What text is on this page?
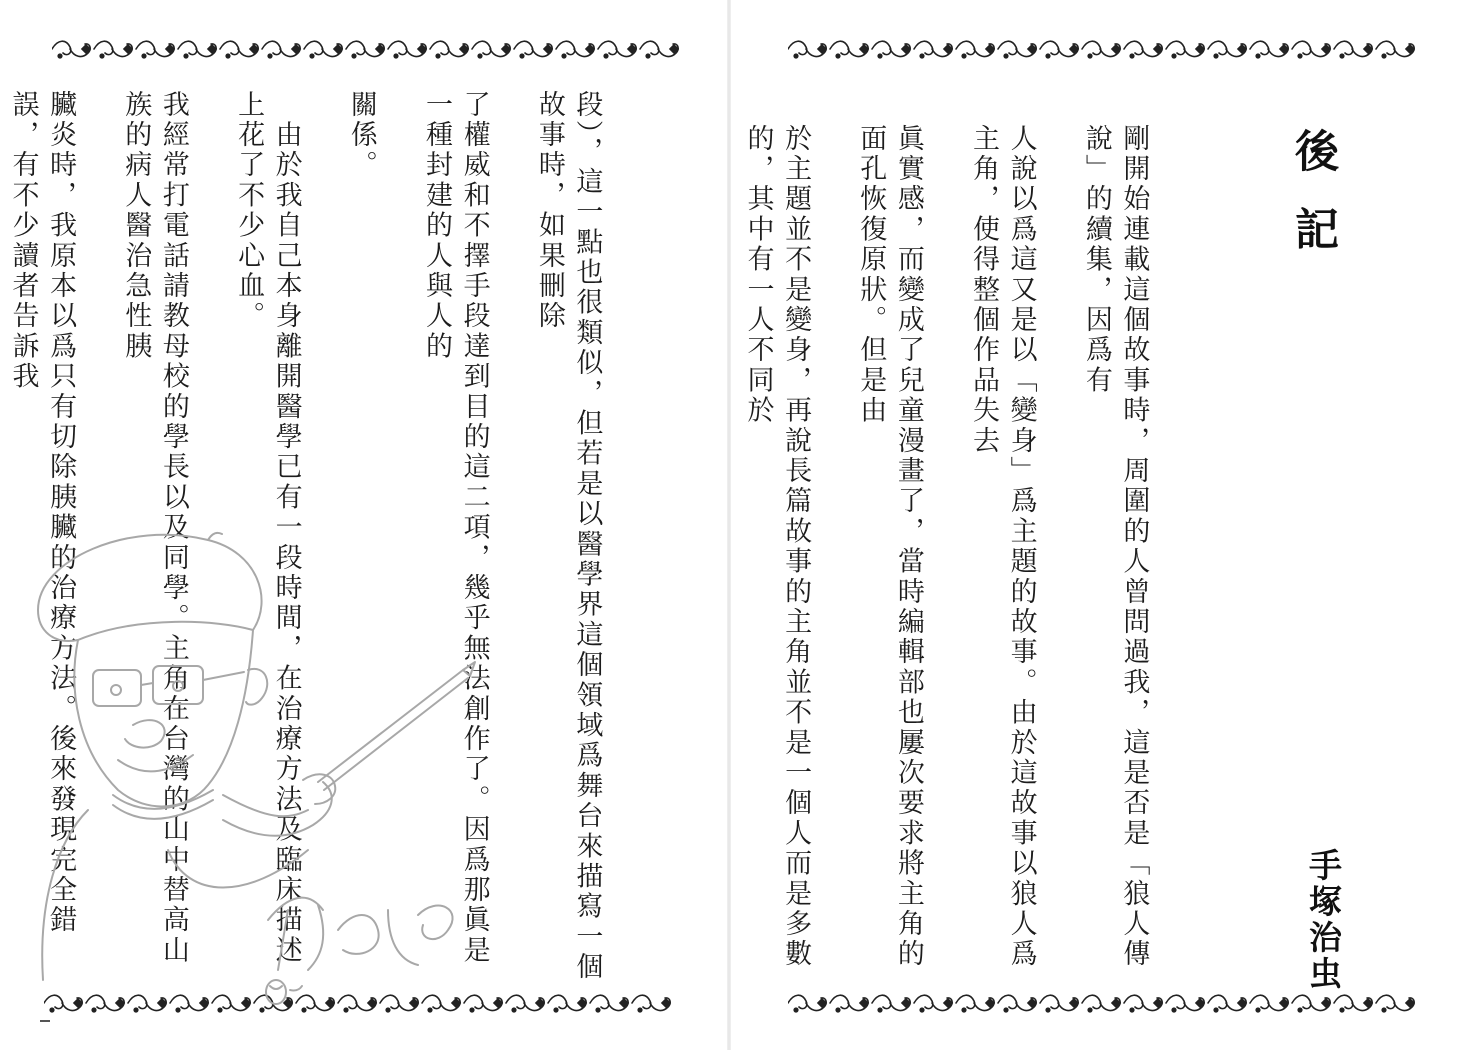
後記
手塚治虫

剛開始連載這個故事時，周圍的人曾問過我，這是否是「狼人傳說」的續集，因爲有

人說以爲這又是以「變身」爲主題的故事。由於這故事以狼人爲主角，使得整個作品失去

眞實感，而變成了兒童漫畫了，當時編輯部也屢次要求將主角的面孔恢復原狀。但是由

於主題並不是變身，再說長篇故事的主角並不是一個人而是多數的，其中有一人不同於

段），這一點也很類似，但若是以醫學界這個領域爲舞台來描寫一個故事時，如果刪除

了權威和不擇手段達到目的這二項，幾乎無法創作了。因爲那眞是一種封建的人與人的

關係。

　由於我自己本身離開醫學已有一段時間，在治療方法及臨床描述上花了不少心血。

我經常打電話請教母校的學長以及同學。主角在台灣的山中替高山族的病人醫治急性胰

臟炎時，我原本以爲只有切除胰臟的治療方法。後來發現完全錯誤，有不少讀者告訴我
